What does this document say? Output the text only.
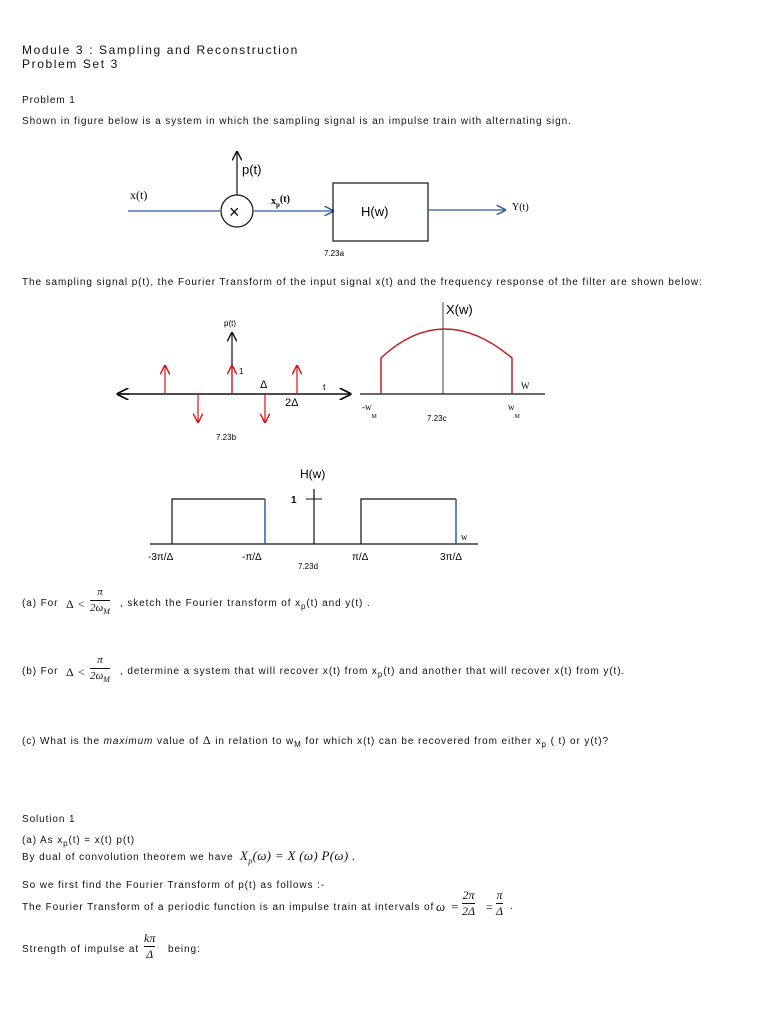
Module 3 : Sampling and Reconstruction
Problem Set 3
Problem 1
Shown in figure below is a system in which the sampling signal is an impulse train with alternating sign.
×
p(t)
x(t)	$x_p(t)$
H(w)	Y(t)
7.23a
The sampling signal p(t), the Fourier Transform of the input signal x(t) and the frequency response of the filter are shown below:
p(t)
1
Δ
2Δ
t
7.23b
X(w)
W
$-w_M$
$w_M$
7.23c
H(w)
1
w
-3π/Δ	-π/Δ	π/Δ	3π/Δ
7.23d
(a) For Δ <
π
$2\omega_M$
, sketch the Fourier transform of $x_p(t)$ and y(t) .
(b) For Δ <
π
$2\omega_M$
, determine a system that will recover x(t) from $x_p(t)$ and another that will recover x(t) from y(t).
(c) What is the maximum value of Δ in relation to $w_M$ for which x(t) can be recovered from either $x_p$ ( t) or y(t)?
Solution 1
(a) As $x_p(t) = x(t)$ p(t)
By dual of convolution theorem we have $X_p(\omega) = X$ (ω) P(ω) .
So we first find the Fourier Transform of p(t) as follows :-
The Fourier Transform of a periodic function is an impulse train at intervals of ω =
2π
2Δ =
π
Δ .
Strength of impulse at
kπ
Δ being:
